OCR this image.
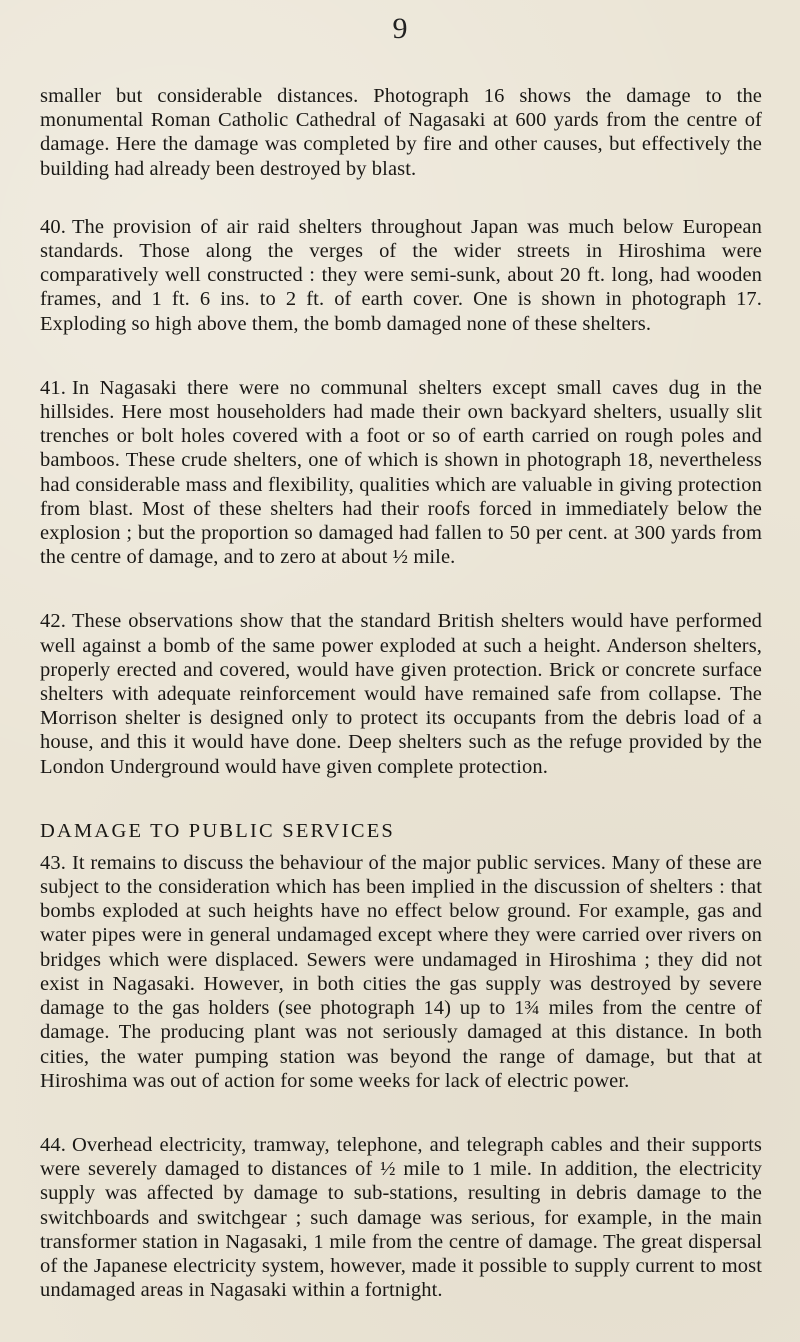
9

smaller but considerable distances. Photograph 16 shows the damage to the monumental Roman Catholic Cathedral of Nagasaki at 600 yards from the centre of damage. Here the damage was completed by fire and other causes, but effectively the building had already been destroyed by blast.

40. The provision of air raid shelters throughout Japan was much below European standards. Those along the verges of the wider streets in Hiroshima were comparatively well constructed : they were semi-sunk, about 20 ft. long, had wooden frames, and 1 ft. 6 ins. to 2 ft. of earth cover. One is shown in photograph 17. Exploding so high above them, the bomb damaged none of these shelters.

41. In Nagasaki there were no communal shelters except small caves dug in the hillsides. Here most householders had made their own backyard shelters, usually slit trenches or bolt holes covered with a foot or so of earth carried on rough poles and bamboos. These crude shelters, one of which is shown in photograph 18, nevertheless had considerable mass and flexibility, qualities which are valuable in giving protection from blast. Most of these shelters had their roofs forced in immediately below the explosion ; but the proportion so damaged had fallen to 50 per cent. at 300 yards from the centre of damage, and to zero at about ½ mile.

42. These observations show that the standard British shelters would have performed well against a bomb of the same power exploded at such a height. Anderson shelters, properly erected and covered, would have given protection. Brick or concrete surface shelters with adequate reinforcement would have remained safe from collapse. The Morrison shelter is designed only to protect its occupants from the debris load of a house, and this it would have done. Deep shelters such as the refuge provided by the London Underground would have given complete protection.

DAMAGE TO PUBLIC SERVICES

43. It remains to discuss the behaviour of the major public services. Many of these are subject to the consideration which has been implied in the discussion of shelters : that bombs exploded at such heights have no effect below ground. For example, gas and water pipes were in general undamaged except where they were carried over rivers on bridges which were displaced. Sewers were undamaged in Hiroshima ; they did not exist in Nagasaki. However, in both cities the gas supply was destroyed by severe damage to the gas holders (see photograph 14) up to 1¾ miles from the centre of damage. The producing plant was not seriously damaged at this distance. In both cities, the water pumping station was beyond the range of damage, but that at Hiroshima was out of action for some weeks for lack of electric power.

44. Overhead electricity, tramway, telephone, and telegraph cables and their supports were severely damaged to distances of ½ mile to 1 mile. In addition, the electricity supply was affected by damage to sub-stations, resulting in debris damage to the switchboards and switchgear ; such damage was serious, for example, in the main transformer station in Nagasaki, 1 mile from the centre of damage. The great dispersal of the Japanese electricity system, however, made it possible to supply current to most undamaged areas in Nagasaki within a fortnight.
